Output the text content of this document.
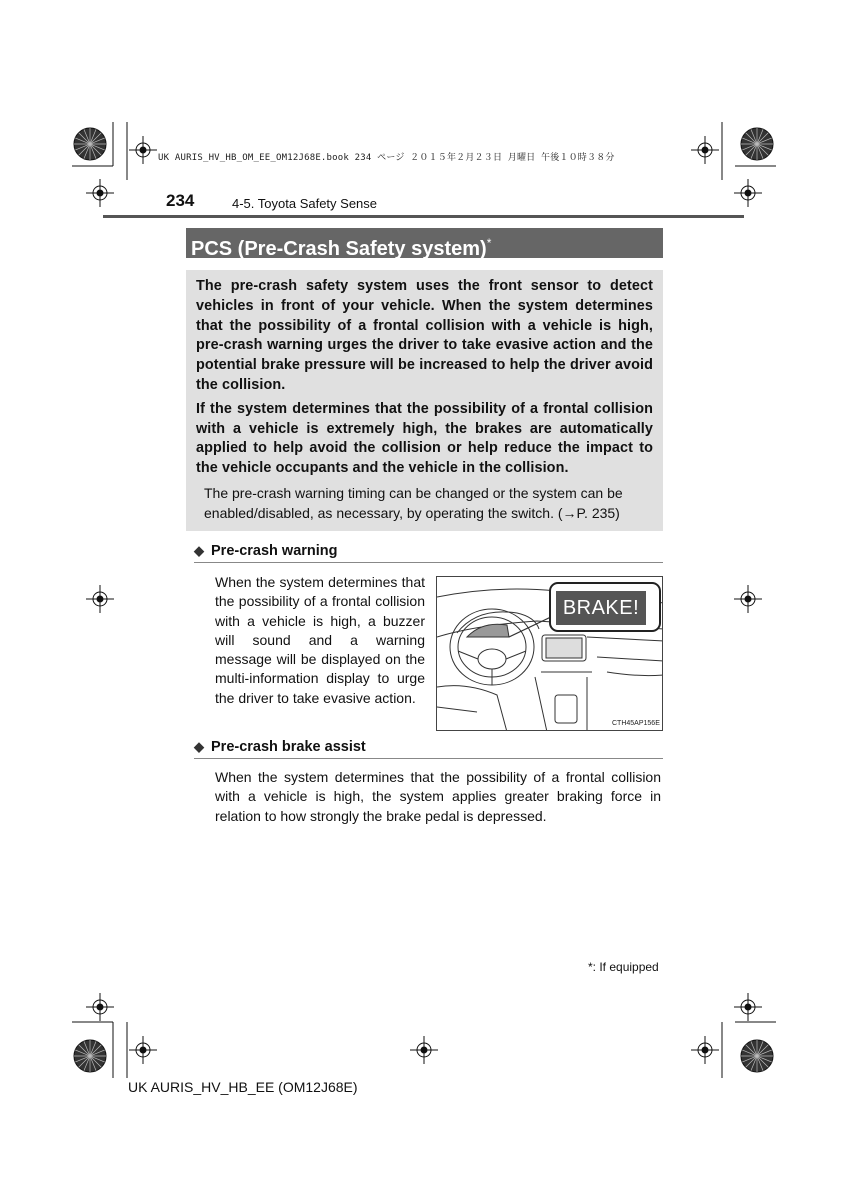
UK AURIS_HV_HB_OM_EE_OM12J68E.book 234 ページ ２０１５年２月２３日 月曜日 午後１０時３８分
234	4-5. Toyota Safety Sense
PCS (Pre-Crash Safety system)*

The pre-crash safety system uses the front sensor to detect vehicles in front of your vehicle. When the system determines that the possibility of a frontal collision with a vehicle is high, pre-crash warning urges the driver to take evasive action and the potential brake pressure will be increased to help the driver avoid the collision.

If the system determines that the possibility of a frontal collision with a vehicle is extremely high, the brakes are automatically applied to help avoid the collision or help reduce the impact to the vehicle occupants and the vehicle in the collision.

The pre-crash warning timing can be changed or the system can be enabled/disabled, as necessary, by operating the switch. (→P. 235)

◆ Pre-crash warning
When the system determines that the possibility of a frontal collision with a vehicle is high, a buzzer will sound and a warning message will be displayed on the multi-information display to urge the driver to take evasive action.
BRAKE!
CTH45AP156E
◆ Pre-crash brake assist
When the system determines that the possibility of a frontal collision with a vehicle is high, the system applies greater braking force in relation to how strongly the brake pedal is depressed.
*: If equipped
UK AURIS_HV_HB_EE (OM12J68E)
